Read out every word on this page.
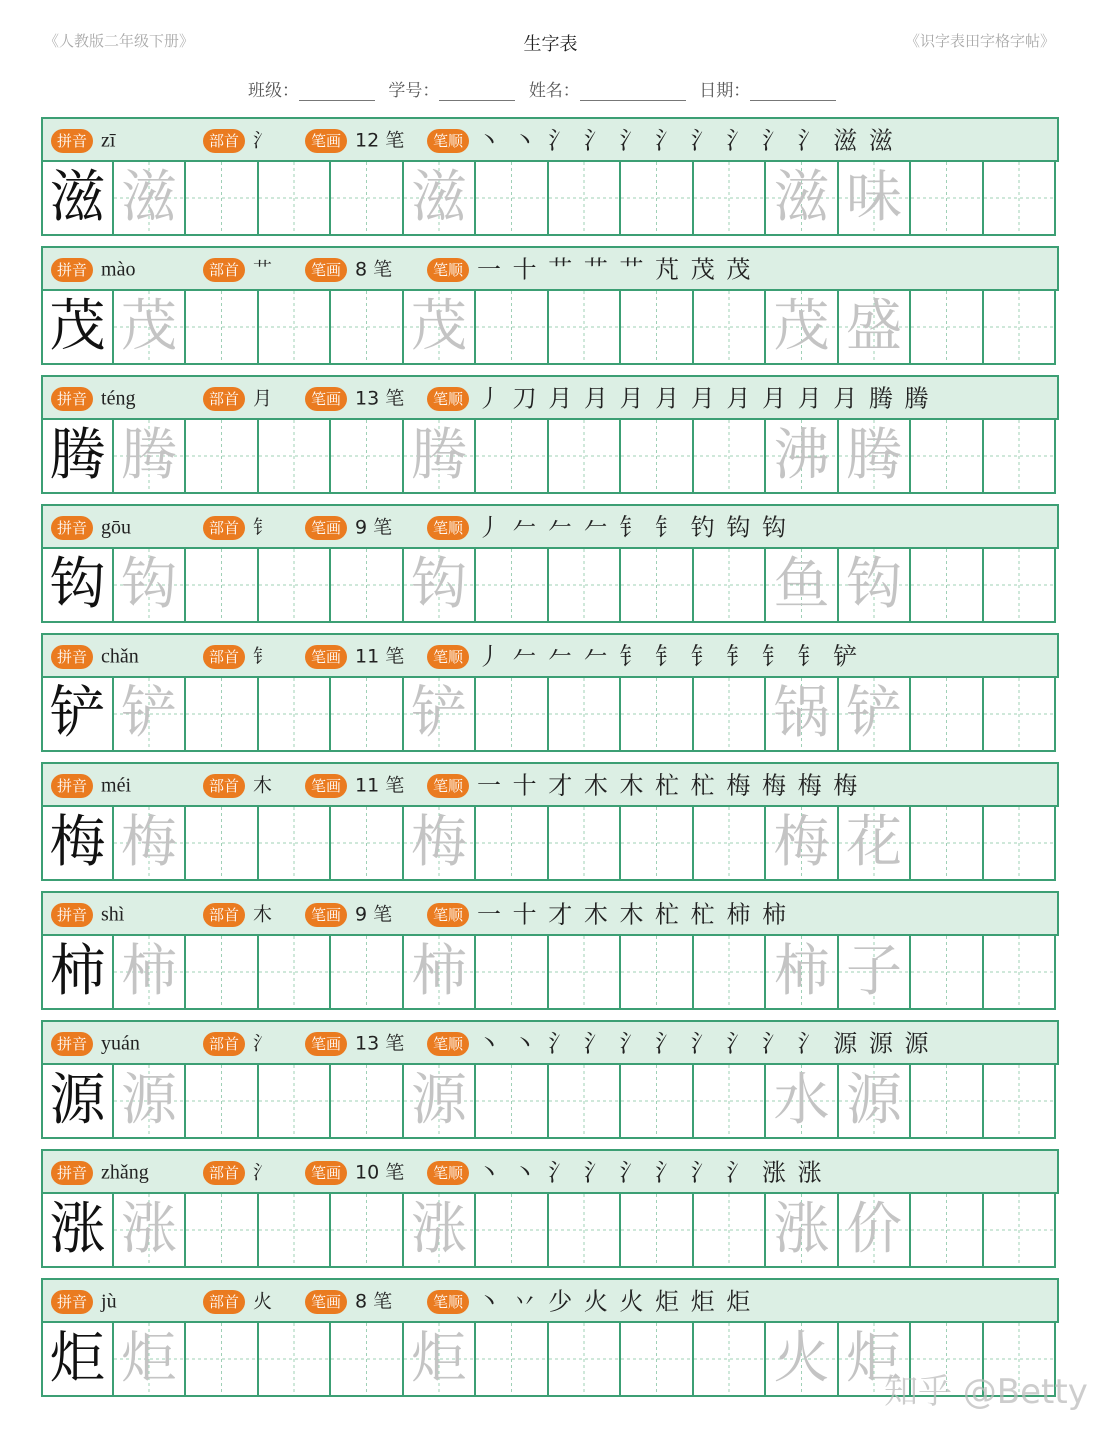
《人教版二年级下册》	生字表	《识字表田字格字帖》
班级：	学号：	姓名：	日期：
拼音 zī	部首 氵	笔画 12 笔	笔顺 丶 丶 氵 氵 氵 氵 氵 氵 氵 氵 滋 滋
滋 滋	滋	滋 味
拼音 mào	部首 艹	笔画 8 笔	笔顺 一 十 艹 艹 艹 芃 茂 茂
茂 茂	茂	茂 盛
拼音 téng	部首 月	笔画 13 笔	笔顺 丿 刀 月 月 月 月 月 月 月 月 月 腾 腾
腾 腾	腾	沸 腾
拼音 gōu	部首 钅	笔画 9 笔	笔顺 丿 𠂉 𠂉 𠂉 钅 钅 钓 钩 钩
钩 钩	钩	鱼 钩
拼音 chǎn	部首 钅	笔画 11 笔	笔顺 丿 𠂉 𠂉 𠂉 钅 钅 钅 钅 钅 钅 铲
铲 铲	铲	锅 铲
拼音 méi	部首 木	笔画 11 笔	笔顺 一 十 才 木 木 杧 杧 梅 梅 梅 梅
梅 梅	梅	梅 花
拼音 shì	部首 木	笔画 9 笔	笔顺 一 十 才 木 木 杧 杧 柿 柿
柿 柿	柿	柿 子
拼音 yuán	部首 氵	笔画 13 笔	笔顺 丶 丶 氵 氵 氵 氵 氵 氵 氵 氵 源 源 源
源 源	源	水 源
拼音 zhǎng	部首 氵	笔画 10 笔	笔顺 丶 丶 氵 氵 氵 氵 氵 氵 涨 涨
涨 涨	涨	涨 价
拼音 jù	部首 火	笔画 8 笔	笔顺 丶 丷 少 火 火 炬 炬 炬
炬 炬	炬	火 炬
知乎 @Betty
